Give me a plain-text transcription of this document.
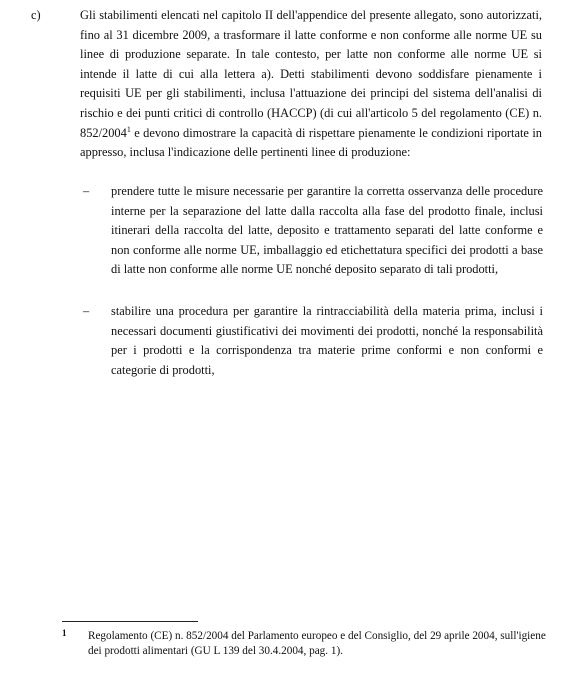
c)	Gli stabilimenti elencati nel capitolo II dell'appendice del presente allegato, sono autorizzati, fino al 31 dicembre 2009, a trasformare il latte conforme e non conforme alle norme UE su linee di produzione separate. In tale contesto, per latte non conforme alle norme UE si intende il latte di cui alla lettera a). Detti stabilimenti devono soddisfare pienamente i requisiti UE per gli stabilimenti, inclusa l'attuazione dei principi del sistema dell'analisi di rischio e dei punti critici di controllo (HACCP) (di cui all'articolo 5 del regolamento (CE) n. 852/2004$^1$ e devono dimostrare la capacità di rispettare pienamente le condizioni riportate in appresso, inclusa l'indicazione delle pertinenti linee di produzione:

– prendere tutte le misure necessarie per garantire la corretta osservanza delle procedure interne per la separazione del latte dalla raccolta alla fase del prodotto finale, inclusi itinerari della raccolta del latte, deposito e trattamento separati del latte conforme e non conforme alle norme UE, imballaggio ed etichettatura specifici dei prodotti a base di latte non conforme alle norme UE nonché deposito separato di tali prodotti,

– stabilire una procedura per garantire la rintracciabilità della materia prima, inclusi i necessari documenti giustificativi dei movimenti dei prodotti, nonché la responsabilità per i prodotti e la corrispondenza tra materie prime conformi e non conformi e categorie di prodotti,

1 Regolamento (CE) n. 852/2004 del Parlamento europeo e del Consiglio, del 29 aprile 2004, sull'igiene dei prodotti alimentari (GU L 139 del 30.4.2004, pag. 1).
